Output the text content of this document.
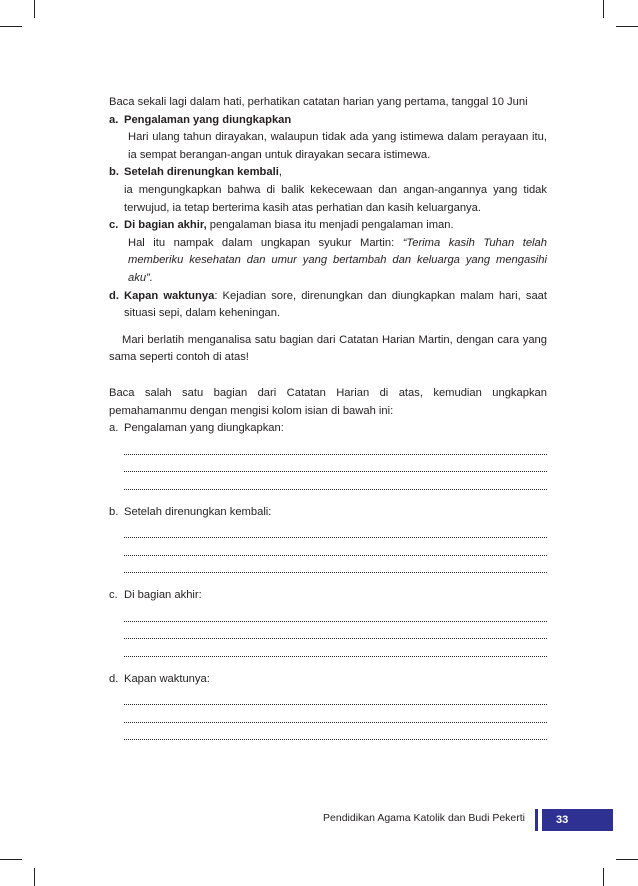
Baca sekali lagi dalam hati, perhatikan catatan harian yang pertama, tanggal 10 Juni

a. Pengalaman yang diungkapkan

Hari ulang tahun dirayakan, walaupun tidak ada yang istimewa dalam perayaan itu, ia sempat berangan-angan untuk dirayakan secara istimewa.

b. Setelah direnungkan kembali,

ia mengungkapkan bahwa di balik kekecewaan dan angan-angannya yang tidak terwujud, ia tetap berterima kasih atas perhatian dan kasih keluarganya.

c. Di bagian akhir, pengalaman biasa itu menjadi pengalaman iman.

Hal itu nampak dalam ungkapan syukur Martin: “Terima kasih Tuhan telah memberiku kesehatan dan umur yang bertambah dan keluarga yang mengasihi aku”.

d. Kapan waktunya: Kejadian sore, direnungkan dan diungkapkan malam hari, saat situasi sepi, dalam keheningan.

Mari berlatih menganalisa satu bagian dari Catatan Harian Martin, dengan cara yang sama seperti contoh di atas!

Baca salah satu bagian dari Catatan Harian di atas, kemudian ungkapkan pemahamanmu dengan mengisi kolom isian di bawah ini:

a. Pengalaman yang diungkapkan:
b. Setelah direnungkan kembali:
c. Di bagian akhir:
d. Kapan waktunya:
Pendidikan Agama Katolik dan Budi Pekerti	33
